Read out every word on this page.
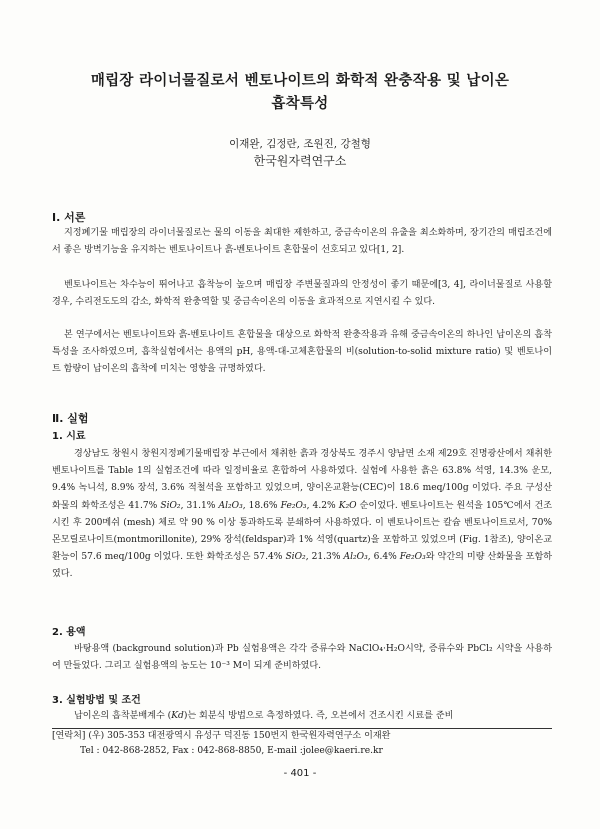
매립장 라이너물질로서 벤토나이트의 화학적 완충작용 및 납이온
흡착특성
이재완, 김정란, 조원진, 강철형
한국원자력연구소
Ⅰ. 서론

지정폐기물 매립장의 라이너물질로는 물의 이동을 최대한 제한하고, 중금속이온의 유출을 최소화하며, 장기간의 매립조건에서 좋은 방벽기능을 유지하는 벤토나이트나 흙-벤토나이트 혼합물이 선호되고 있다[1, 2].

벤토나이트는 차수능이 뛰어나고 흡착능이 높으며 매립장 주변물질과의 안정성이 좋기 때문에[3, 4], 라이너물질로 사용할 경우, 수리전도도의 감소, 화학적 완충역할 및 중금속이온의 이동을 효과적으로 지연시킬 수 있다.

본 연구에서는 벤토나이트와 흙-벤토나이트 혼합물을 대상으로 화학적 완충작용과 유해 중금속이온의 하나인 납이온의 흡착특성을 조사하였으며, 흡착실험에서는 용액의 pH, 용액-대-고체혼합물의 비(solution-to-solid mixture ratio) 및 벤토나이트 함량이 납이온의 흡착에 미치는 영향을 규명하였다.

Ⅱ. 실험
1. 시료

경상남도 창원시 창원지정폐기물매립장 부근에서 채취한 흙과 경상북도 경주시 양남면 소재 제29호 진명광산에서 채취한 벤토나이트를 Table 1의 실험조건에 따라 일정비율로 혼합하여 사용하였다. 실험에 사용한 흙은 63.8% 석영, 14.3% 운모, 9.4% 녹니석, 8.9% 장석, 3.6% 적철석을 포함하고 있었으며, 양이온교환능(CEC)이 18.6 meq/100g 이었다. 주요 구성산화물의 화학조성은 41.7% SiO₂, 31.1% Al₂O₃, 18.6% Fe₂O₃, 4.2% K₂O 순이었다. 벤토나이트는 원석을 105℃에서 건조시킨 후 200메쉬 (mesh) 체로 약 90 % 이상 통과하도록 분쇄하여 사용하였다. 이 벤토나이트는 칼슘 벤토나이트로서, 70% 몬모릴로나이트(montmorillonite), 29% 장석(feldspar)과 1% 석영(quartz)을 포함하고 있었으며 (Fig. 1참조), 양이온교환능이 57.6 meq/100g 이었다. 또한 화학조성은 57.4% SiO₂, 21.3% Al₂O₃, 6.4% Fe₂O₃와 약간의 미량 산화물을 포함하였다.

2. 용액

바탕용액 (background solution)과 Pb 실험용액은 각각 증류수와 NaClO₄·H₂O시약, 증류수와 PbCl₂ 시약을 사용하여 만들었다. 그리고 실험용액의 농도는 10⁻³ M이 되게 준비하였다.

3. 실험방법 및 조건

납이온의 흡착분배계수 (Kd)는 회분식 방법으로 측정하였다. 즉, 오븐에서 건조시킨 시료를 준비

[연락처] (우) 305-353 대전광역시 유성구 덕진동 150번지 한국원자력연구소 이재완
Tel : 042-868-2852, Fax : 042-868-8850, E-mail :jolee@kaeri.re.kr
- 401 -
